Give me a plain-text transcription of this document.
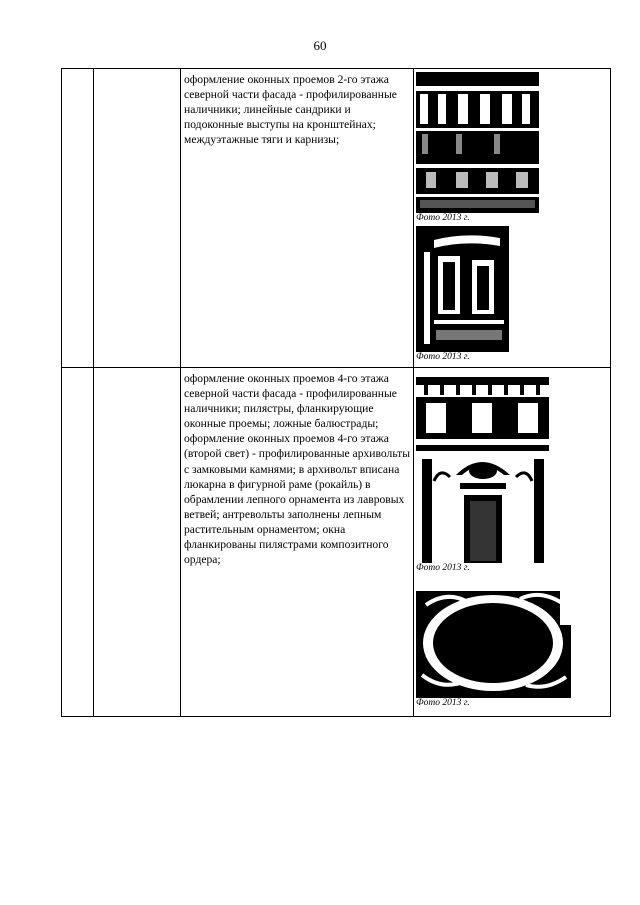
60

		оформление оконных проемов 2-го этажа северной части фасада - профилированные наличники; линейные сандрики и подоконные выступы на кронштейнах; междуэтажные тяги и карнизы;	Фото 2013 г.
Фото 2013 г.

		оформление оконных проемов 4-го этажа северной части фасада - профилированные наличники; пилястры, фланкирующие оконные проемы; ложные балюстрады; оформление оконных проемов 4-го этажа (второй свет) - профилированные архивольты с замковыми камнями; в архивольт вписана люкарна в фигурной раме (рокайль) в обрамлении лепного орнамента из лавровых ветвей; антревольты заполнены лепным растительным орнаментом; окна фланкированы пилястрами композитного ордера;	Фото 2013 г.
Фото 2013 г.
